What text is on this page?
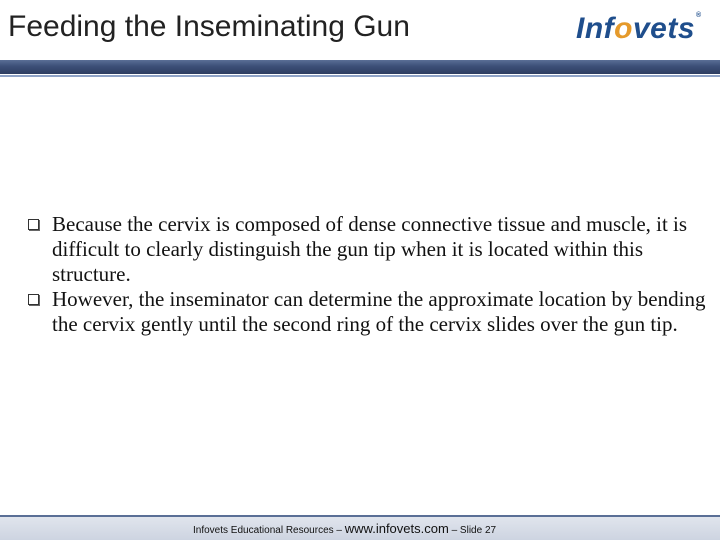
Feeding the Inseminating Gun	Infovets®
Because the cervix is composed of dense connective tissue and muscle, it is difficult to clearly distinguish the gun tip when it is located within this structure.
However, the inseminator can determine the approximate location by bending the cervix gently until the second ring of the cervix slides over the gun tip.
Infovets Educational Resources – www.infovets.com – Slide 27
